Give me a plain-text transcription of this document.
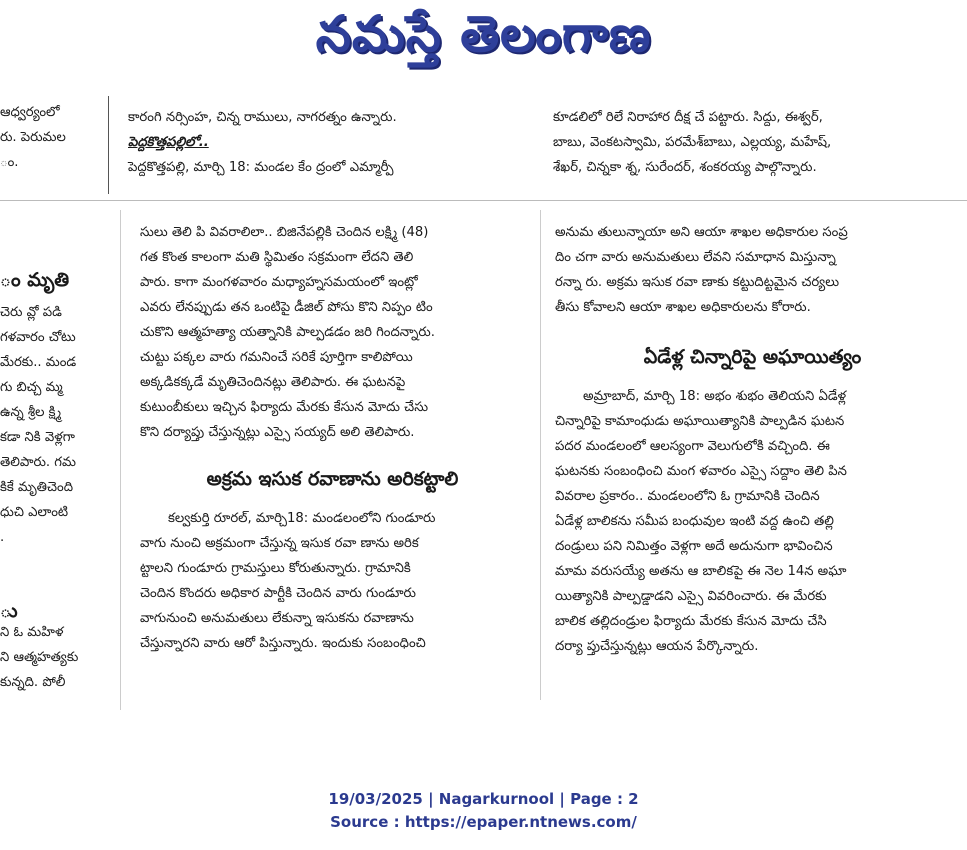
నమస్తే తెలంగాణ
ఆధ్వర్యంలో
రు. పెరుమల
ం.

కారంగి నర్సింహ, చిన్న రాములు, నాగరత్నం ఉన్నారు.

పెద్దకొత్తపల్లిలో..

పెద్దకొత్తపల్లి, మార్చి 18: మండల కేం ద్రంలో ఎమ్మార్పీ

కూడలిలో రిలే నిరాహార దీక్ష చే పట్టారు. సిద్దు, ఈశ్వర్,

బాబు, వెంకటస్వామి, పరమేశ్‌బాబు, ఎల్లయ్య, మహేష్,

శేఖర్, చిన్నకా శ్న, సురేందర్, శంకరయ్య పాల్గొన్నారు.

ం మృతి
చెరు వ్లో పడి
గళవారం చోటు
మేరకు.. మండ
గు బిచ్చ మ్మ
ఉన్న శ్రీల క్ష్మి
కడా నికి వెళ్లగా
తెలిపారు. గమ
కికే మృతిచెంది
ధుచి ఎలాంటి
.
ు
ని ఓ మహిళ
ని ఆత్మహత్యకు
కున్నది. పోలీ

సులు తెలి పి వివరాలిలా.. బిజినేపల్లికి చెందిన లక్ష్మి (48)

గత కొంత కాలంగా మతి స్థిమితం సక్రమంగా లేదని తెలి

పారు. కాగా మంగళవారం మధ్యాహ్నసమయంలో ఇంట్లో

ఎవరు లేనప్పుడు తన ఒంటిపై డీజిల్ పోసు కొని నిప్పం టిం

చుకొని ఆత్మహత్యా యత్నానికి పాల్పడడం జరి గిందన్నారు.

చుట్టు పక్కల వారు గమనించే సరికే పూర్తిగా కాలిపోయి

అక్కడికక్కడే మృతిచెందినట్లు తెలిపారు. ఈ ఘటనపై

కుటుంబీకులు ఇచ్చిన ఫిర్యాదు మేరకు కేసున మోదు చేసు

కొని దర్యాప్తు చేస్తున్నట్లు ఎస్సై సయ్యద్ అలి తెలిపారు.

అక్రమ ఇసుక రవాణాను అరికట్టాలి

కల్వకుర్తి రూరల్, మార్చి18: మండలంలోని గుండూరు

వాగు నుంచి అక్రమంగా చేస్తున్న ఇసుక రవా ణాను అరిక

ట్టాలని గుండూరు గ్రామస్తులు కోరుతున్నారు. గ్రామానికి

చెందిన కొందరు అధికార పార్టీకి చెందిన వారు గుండూరు

వాగునుంచి అనుమతులు లేకున్నా ఇసుకను రవాణాను

చేస్తున్నారని వారు ఆరో పిస్తున్నారు. ఇందుకు సంబంధించి

అనుమ తులున్నాయా అని ఆయా శాఖల అధికారుల సంప్ర

దిం చగా వారు అనుమతులు లేవని సమాధాన మిస్తున్నా

రన్నా రు. అక్రమ ఇసుక రవా ణాకు కట్టుదిట్టమైన చర్యలు

తీసు కోవాలని ఆయా శాఖల అధికారులను కోరారు.

ఏడేళ్ల చిన్నారిపై అఘాయిత్యం

అమ్రాబాద్, మార్చి 18: అభం శుభం తెలియని ఏడేళ్ల

చిన్నారిపై కామాంధుడు అఘాయిత్యానికి పాల్పడిన ఘటన

పదర మండలంలో ఆలస్యంగా వెలుగులోకి వచ్చింది. ఈ

ఘటనకు సంబంధించి మంగ ళవారం ఎస్సై సద్దాం తెలి పిన

వివరాల ప్రకారం.. మండలంలోని ఓ గ్రామానికి చెందిన

ఏడేళ్ల బాలికను సమీప బంధువుల ఇంటి వద్ద ఉంచి తల్లి

దండ్రులు పని నిమిత్తం వెళ్లగా అదే అదునుగా భావించిన

మామ వరుసయ్యే అతను ఆ బాలికపై ఈ నెల 14న అఘా

యిత్యానికి పాల్పడ్డాడని ఎస్సై వివరించారు. ఈ మేరకు

బాలిక తల్లిదండ్రుల ఫిర్యాదు మేరకు కేసున మోదు చేసి

దర్యా ప్తుచేస్తున్నట్లు ఆయన పేర్కొన్నారు.

19/03/2025 | Nagarkurnool | Page : 2
Source : https://epaper.ntnews.com/
